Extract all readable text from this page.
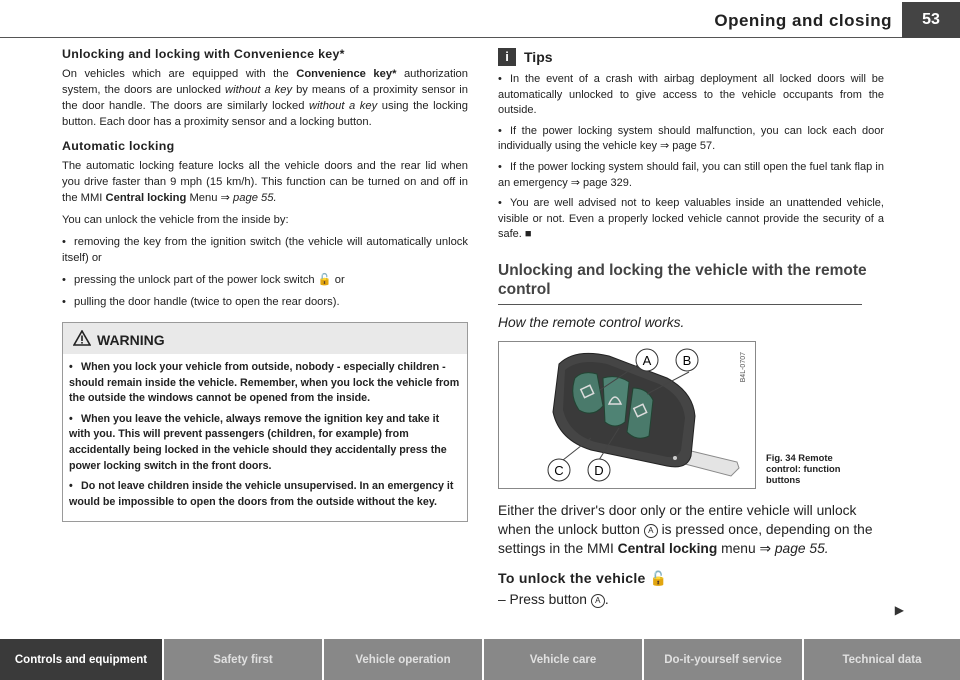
Opening and closing	53
Unlocking and locking with Convenience key*

On vehicles which are equipped with the Convenience key* authorization system, the doors are unlocked without a key by means of a proximity sensor in the door handle. The doors are similarly locked without a key using the locking button. Each door has a proximity sensor and a locking button.

Automatic locking

The automatic locking feature locks all the vehicle doors and the rear lid when you drive faster than 9 mph (15 km/h). This function can be turned on and off in the MMI Central locking Menu ⇒ page 55.

You can unlock the vehicle from the inside by:

• removing the key from the ignition switch (the vehicle will automatically unlock itself) or
• pressing the unlock part of the power lock switch 🔓 or
• pulling the door handle (twice to open the rear doors).
WARNING
• When you lock your vehicle from outside, nobody - especially children - should remain inside the vehicle. Remember, when you lock the vehicle from the outside the windows cannot be opened from the inside.
• When you leave the vehicle, always remove the ignition key and take it with you. This will prevent passengers (children, for example) from accidentally being locked in the vehicle should they accidentally press the power locking switch in the front doors.
• Do not leave children inside the vehicle unsupervised. In an emergency it would be impossible to open the doors from the outside without the key.
i	Tips
• In the event of a crash with airbag deployment all locked doors will be automatically unlocked to give access to the vehicle occupants from the outside.
• If the power locking system should malfunction, you can lock each door individually using the vehicle key ⇒ page 57.
• If the power locking system should fail, you can still open the fuel tank flap in an emergency ⇒ page 329.
• You are well advised not to keep valuables inside an unattended vehicle, visible or not. Even a properly locked vehicle cannot provide the security of a safe. ■
Unlocking and locking the vehicle with the remote control
How the remote control works.
A B
C D
B4L-0707
Fig. 34 Remote control: function buttons
Either the driver's door only or the entire vehicle will unlock when the unlock button A is pressed once, depending on the settings in the MMI Central locking menu ⇒ page 55.
To unlock the vehicle 🔓
– Press button A .
▶
Controls and equipment	Safety first	Vehicle operation	Vehicle care	Do-it-yourself service	Technical data
